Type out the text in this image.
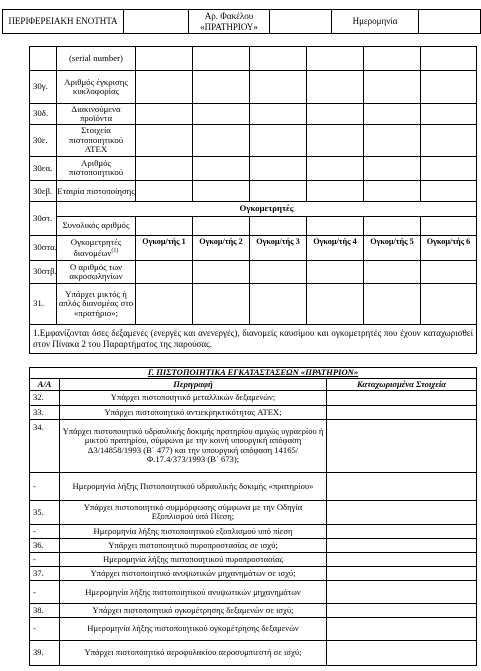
ΠΕΡΙΦΕΡΕΙΑΚΗ ΕΝΟΤΗΤΑ		Αρ. Φακέλου «ΠΡΑΤΗΡΙΟΥ»		Ημερομηνία	
	(serial number)						
30γ.	Αριθμός έγκρισης κυκλοφορίας						
30δ.	Διακινούμενα προϊόντα						
30ε.	Στοιχεία πιστοποιητικού ATEX						
30εα.	Αριθμός πιστοποιητικού						
30εβ.	Εταιρία πιστοποίησης						
30στ.	Ογκομετρητές						
	Συνολικός αριθμός						
30στα.	Ογκομετρητές διανομέων$^{(1)}$	Ογκομ/τής 1	Ογκομ/τής 2	Ογκομ/τής 3	Ογκομ/τής 4	Ογκομ/τής 5	Ογκομ/τής 6
30στβ.	Ο αριθμός των ακροσωληνίων						
31.	Υπάρχει μικτός ή απλός διανομέας στο «πρατήριο»;						
1.Εμφανίζονται όσες δεξαμενές (ενεργές και ανενεργές), διανομείς καυσίμου και ογκομετρητές που έχουν καταχωρισθεί στον Πίνακα 2 του Παραρτήματος της παρούσας.							
Γ. ΠΙΣΤΟΠΟΙΗΤΙΚΑ ΕΓΚΑΤΑΣΤΑΣΕΩΝ «ΠΡΑΤΗΡΙΟΝ»		
Α/Α	Περιγραφή	Καταχωρισμένα Στοιχεία
32.	Υπάρχει πιστοποιητικό μεταλλικών δεξαμενών;	
33.	Υπάρχει πιστοποιητικό αντιεκρηκτικότητας ATEX;	
34.	Υπάρχει πιστοποιητικό υδραυλικής δοκιμής πρατηρίου αμιγώς υγραερίου ή μικτού πρατηρίου, σύμφωνα με την κοινή υπουργική απόφαση Δ3/14858/1993 (Β΄ 477) και την υπουργική απόφαση 14165/Φ.17.4/373/1993 (Β΄ 673);	
-	Ημερομηνία λήξης Πιστοποιητικού υδραυλικής δοκιμής «πρατηρίου»	
35.	Υπάρχει πιστοποιητικό συμμόρφωσης σύμφωνα με την Οδηγία Εξοπλισμού υπό Πίεση;	
-	Ημερομηνία λήξης πιστοποιητικού εξοπλισμού υπό πίεση	
36.	Υπάρχει πιστοποιητικό πυροπροστασίας σε ισχύ;	
-	Ημερομηνία λήξης πιστοποιητικού πυροπροστασίας	
37.	Υπάρχει πιστοποιητικό ανυψωτικών μηχανημάτων σε ισχύ;	
-	Ημερομηνία λήξης πιστοποιητικού ανυψωτικών μηχανημάτων	
38.	Υπάρχει πιστοποιητικό ογκομέτρησης δεξαμενών σε ισχύ;	
-	Ημερομηνία λήξης πιστοποιητικού ογκομέτρησης δεξαμενών	
39.	Υπάρχει πιστοποιητικό αεροφυλακίου αεροσυμπιεστή σε ισχύ;	
